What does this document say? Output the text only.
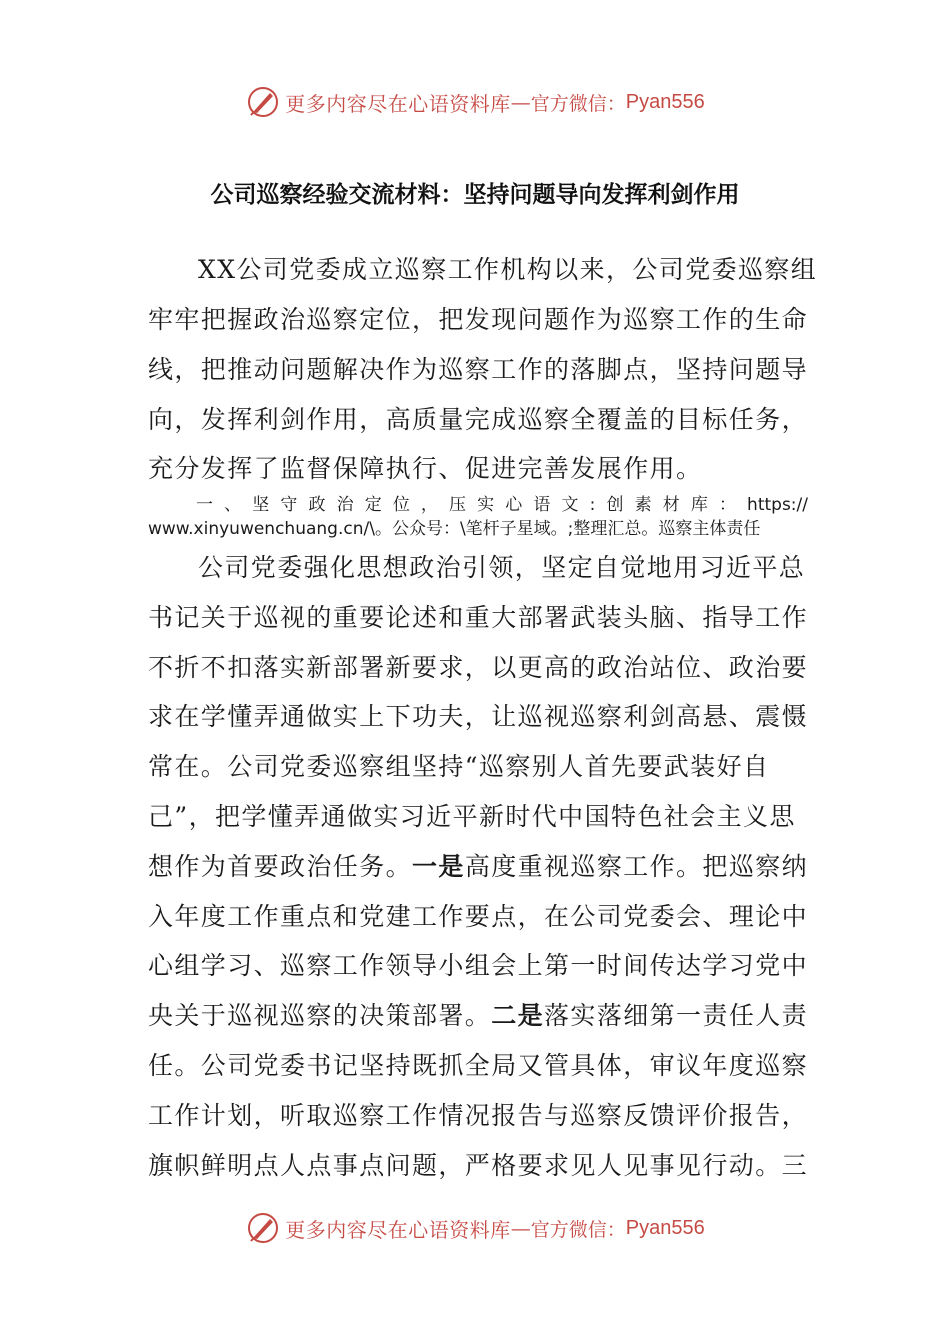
更多内容尽在心语资料库 — 官方微信： Pyan556
公司巡察经验交流材料：坚持问题导向发挥利剑作用
XX公司党委成立巡察工作机构以来，公司党委巡察组
牢牢把握政治巡察定位，把发现问题作为巡察工作的生命
线，把推动问题解决作为巡察工作的落脚点，坚持问题导
向，发挥利剑作用，高质量完成巡察全覆盖的目标任务，
充分发挥了监督保障执行、促进完善发展作用。
一、坚守政治定位，压实心语文:创素材库：https://
www.xinyuwenchuang.cn/\。公众号：\笔杆子星域。;整理汇总。巡察主体责任
公司党委强化思想政治引领，坚定自觉地用习近平总
书记关于巡视的重要论述和重大部署武装头脑、指导工作
不折不扣落实新部署新要求，以更高的政治站位、政治要
求在学懂弄通做实上下功夫，让巡视巡察利剑高悬、震慑
常在。公司党委巡察组坚持“巡察别人首先要武装好自
己”，把学懂弄通做实习近平新时代中国特色社会主义思
想作为首要政治任务。一是高度重视巡察工作。把巡察纳
入年度工作重点和党建工作要点，在公司党委会、理论中
心组学习、巡察工作领导小组会上第一时间传达学习党中
央关于巡视巡察的决策部署。二是落实落细第一责任人责
任。公司党委书记坚持既抓全局又管具体，审议年度巡察
工作计划，听取巡察工作情况报告与巡察反馈评价报告，
旗帜鲜明点人点事点问题，严格要求见人见事见行动。三
更多内容尽在心语资料库 — 官方微信： Pyan556
